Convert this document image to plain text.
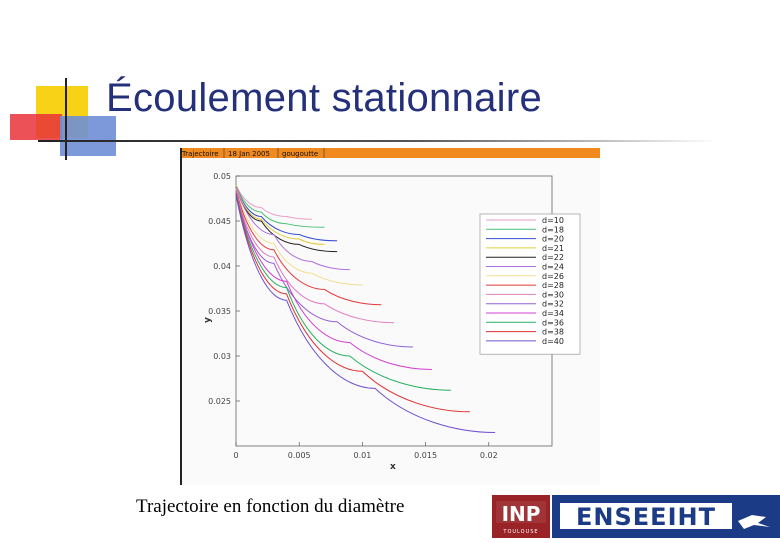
Écoulement stationnaire
Trajectoire 18 Jan 2005 gougoutte
0.05
0.045
0.04
0.035
0.03
0.025
0	0.005	0.01	0.015	0.02
d=10
d=18
d=20
d=21
d=22
d=24
d=26
d=28
d=30
d=32
d=34
d=36
d=38
d=40
x
y
Trajectoire en fonction du diamètre	INP
TOULOUSE
ENSEEIHT
